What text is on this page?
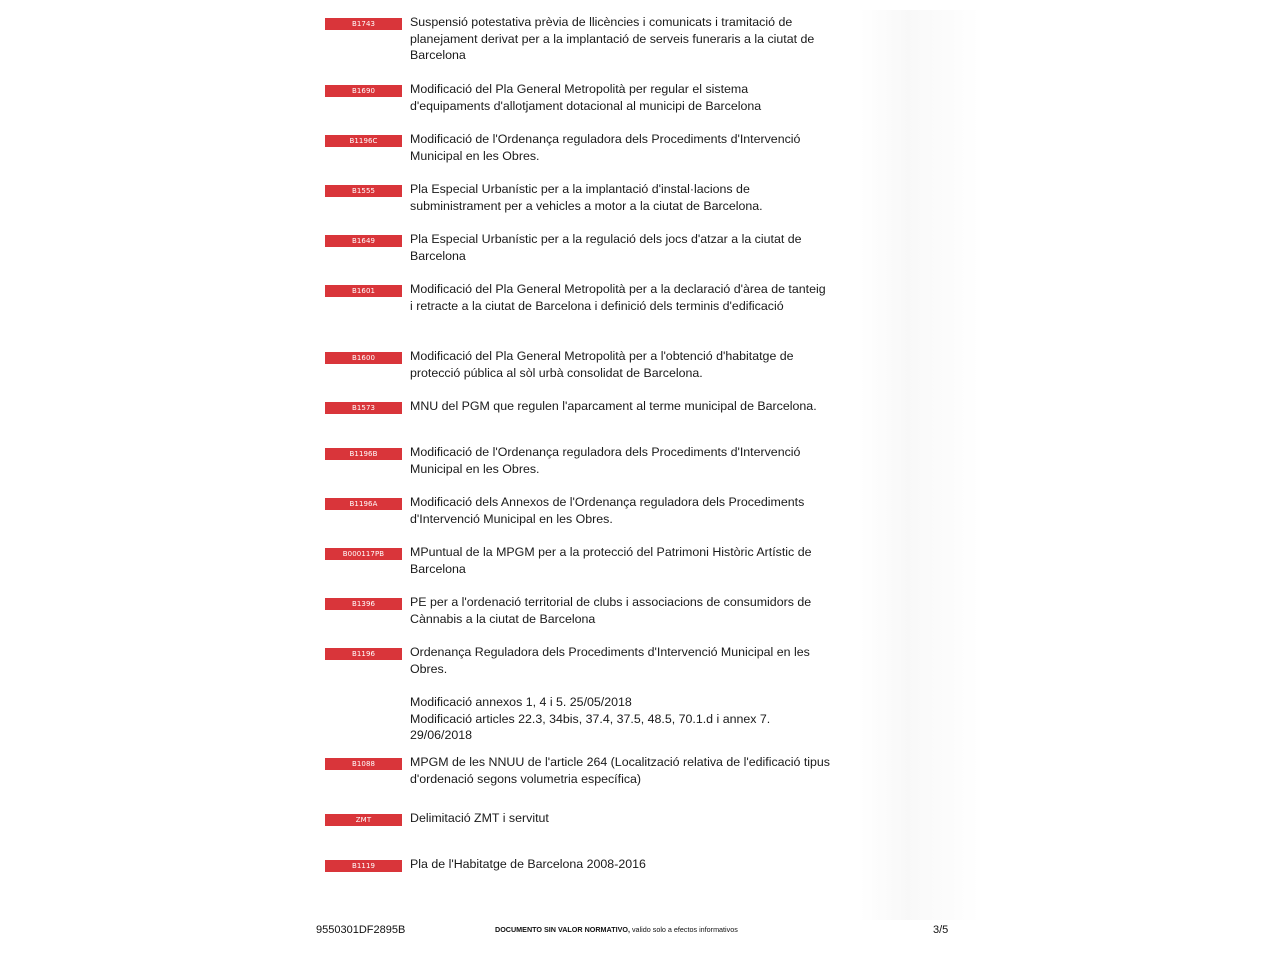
B1743	Suspensió potestativa prèvia de llicències i comunicats i tramitació de planejament derivat per a la implantació de serveis funeraris a la ciutat de Barcelona
B1690	Modificació del Pla General Metropolità per regular el sistema d'equipaments d'allotjament dotacional al municipi de Barcelona
B1196C	Modificació de l'Ordenança reguladora dels Procediments d'Intervenció Municipal en les Obres.
B1555	Pla Especial Urbanístic per a la implantació d'instal·lacions de subministrament per a vehicles a motor a la ciutat de Barcelona.
B1649	Pla Especial Urbanístic per a la regulació dels jocs d'atzar a la ciutat de Barcelona
B1601	Modificació del Pla General Metropolità per a la declaració d'àrea de tanteig i retracte a la ciutat de Barcelona i definició dels terminis d'edificació
B1600	Modificació del Pla General Metropolità per a l'obtenció d'habitatge de protecció pública al sòl urbà consolidat de Barcelona.
B1573	MNU del PGM que regulen l'aparcament al terme municipal de Barcelona.
B1196B	Modificació de l'Ordenança reguladora dels Procediments d'Intervenció Municipal en les Obres.
B1196A	Modificació dels Annexos de l'Ordenança reguladora dels Procediments d'Intervenció Municipal en les Obres.
B000117PB	MPuntual de la MPGM per a la protecció del Patrimoni Històric Artístic de Barcelona
B1396	PE per a l'ordenació territorial de clubs i associacions de consumidors de Cànnabis a la ciutat de Barcelona
B1196	Ordenança Reguladora dels Procediments d'Intervenció Municipal en les Obres.
Modificació annexos 1, 4 i 5. 25/05/2018
Modificació articles 22.3, 34bis, 37.4, 37.5, 48.5, 70.1.d i annex 7. 29/06/2018
B1088	MPGM de les NNUU de l'article 264 (Localització relativa de l'edificació tipus d'ordenació segons volumetria específica)
ZMT	Delimitació ZMT i servitut
B1119	Pla de l'Habitatge de Barcelona 2008-2016
9550301DF2895B	DOCUMENTO SIN VALOR NORMATIVO, valido solo a efectos informativos	3/5
